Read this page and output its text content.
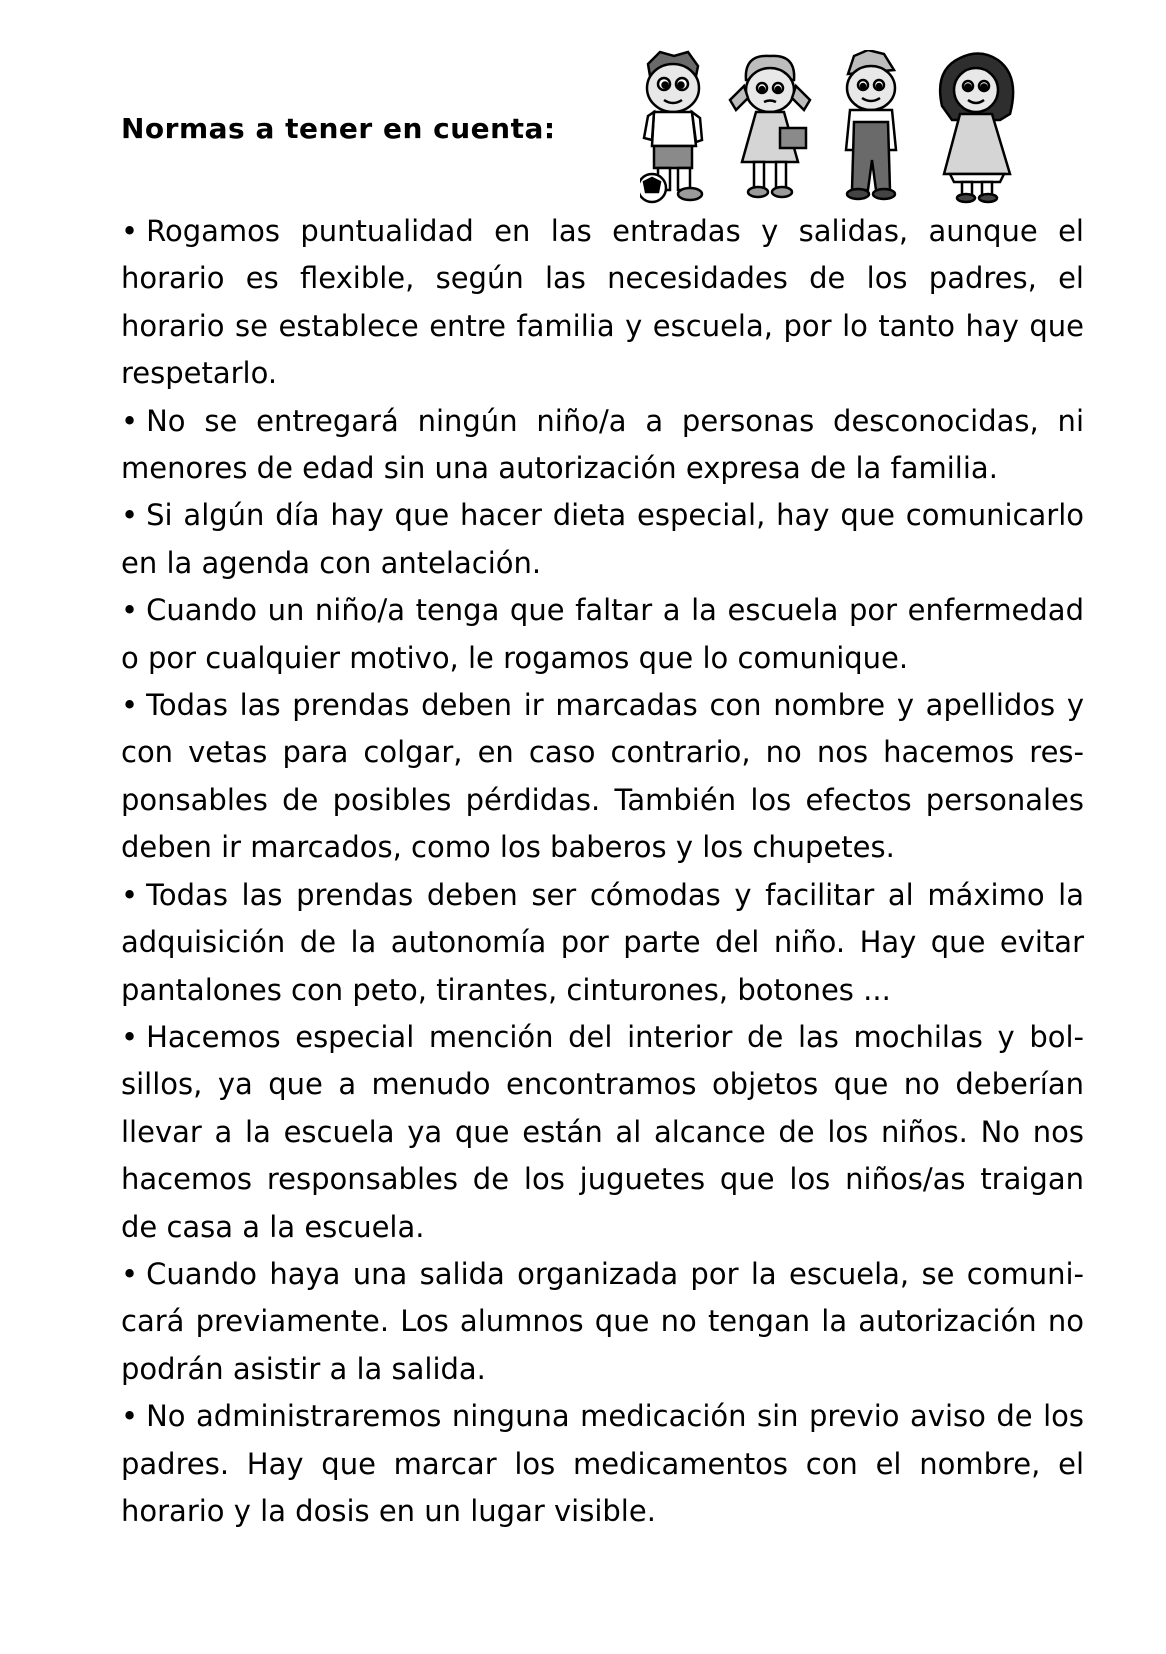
Normas a tener en cuenta:
• Rogamos puntualidad en las entradas y salidas, aunque el horario es flexible, según las necesidades de los padres, el horario se establece entre familia y escuela, por lo tanto hay que respetarlo.
• No se entregará ningún niño/a a personas desconocidas, ni menores de edad sin una autorización expresa de la familia.
• Si algún día hay que hacer dieta especial, hay que comunicarlo en la agenda con antelación.
• Cuando un niño/a tenga que faltar a la escuela por enfermedad o por cualquier motivo, le rogamos que lo comunique.
• Todas las prendas deben ir marcadas con nombre y apellidos y con vetas para colgar, en caso contrario, no nos hacemos responsables de posibles pérdidas. También los efectos personales deben ir marcados, como los baberos y los chupetes.
• Todas las prendas deben ser cómodas y facilitar al máximo la adquisición de la autonomía por parte del niño. Hay que evitar pantalones con peto, tirantes, cinturones, botones ...
• Hacemos especial mención del interior de las mochilas y bolsillos, ya que a menudo encontramos objetos que no deberían llevar a la escuela ya que están al alcance de los niños. No nos hacemos responsables de los juguetes que los niños/as traigan de casa a la escuela.
• Cuando haya una salida organizada por la escuela, se comunicará previamente. Los alumnos que no tengan la autorización no podrán asistir a la salida.
• No administraremos ninguna medicación sin previo aviso de los padres. Hay que marcar los medicamentos con el nombre, el horario y la dosis en un lugar visible.
